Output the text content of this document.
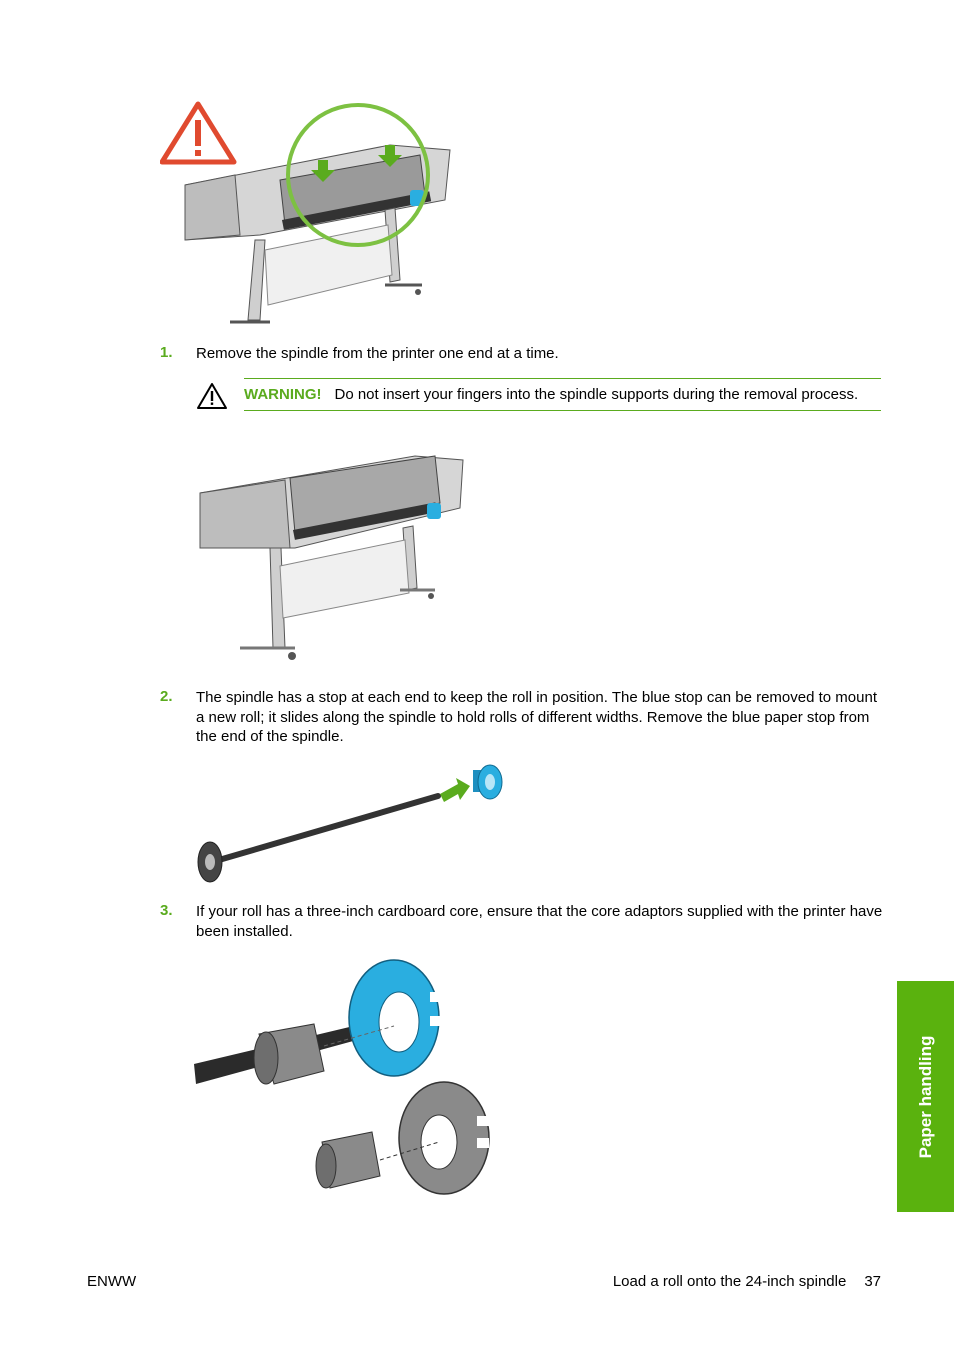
1. Remove the spindle from the printer one end at a time.
WARNING! Do not insert your fingers into the spindle supports during the removal process.
2. The spindle has a stop at each end to keep the roll in position. The blue stop can be removed to mount a new roll; it slides along the spindle to hold rolls of different widths. Remove the blue paper stop from the end of the spindle.
3. If your roll has a three-inch cardboard core, ensure that the core adaptors supplied with the printer have been installed.
Paper handling
ENWW	Load a roll onto the 24-inch spindle 37
